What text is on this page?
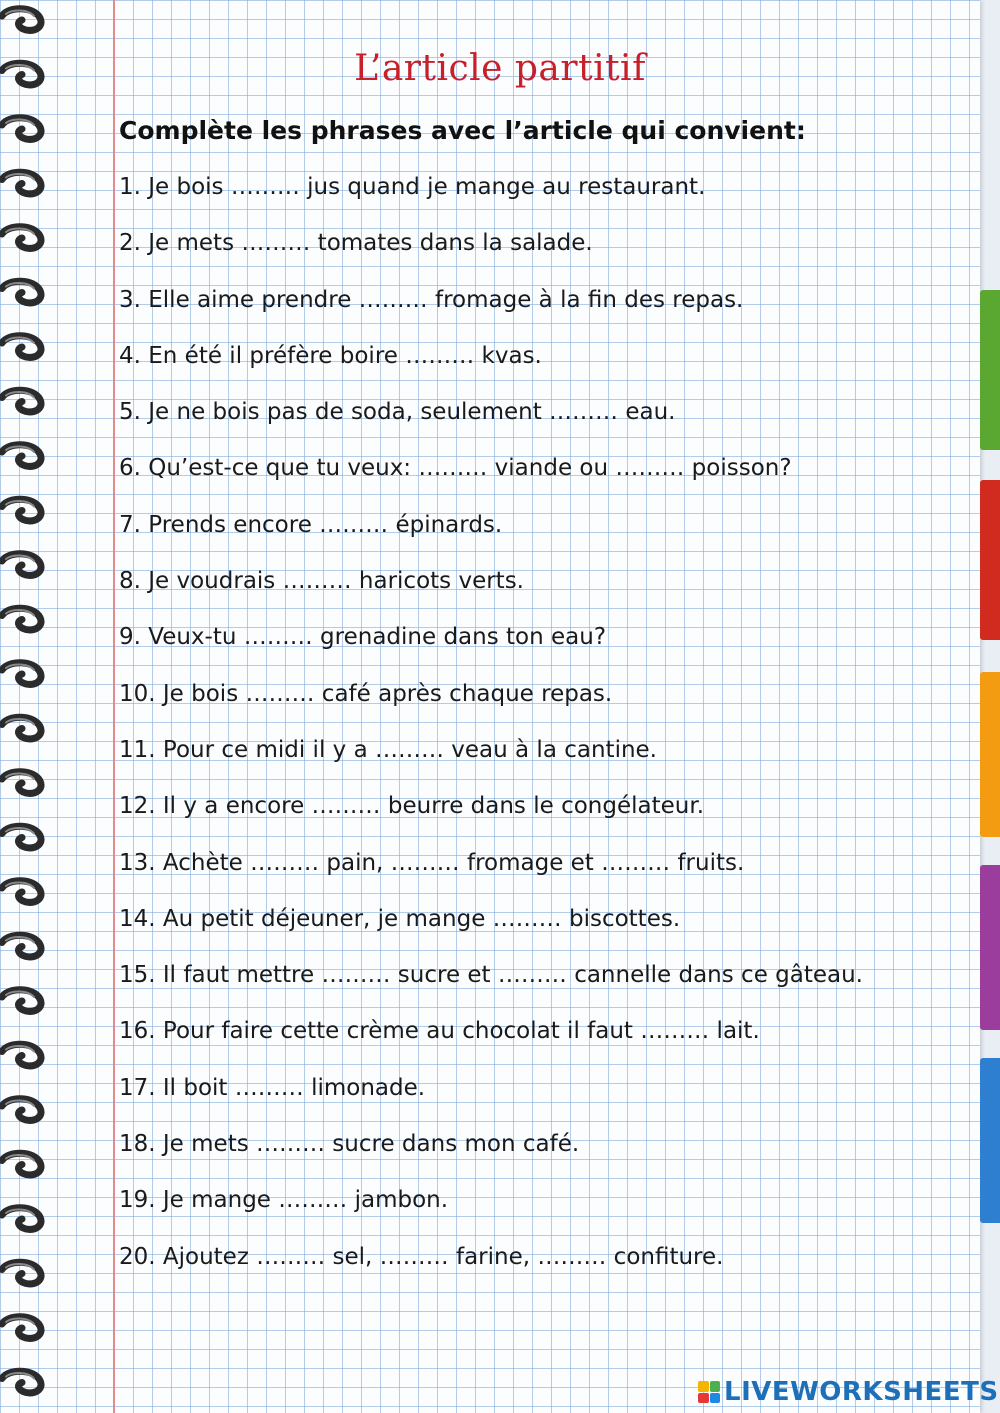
L’article partitif
Complète les phrases avec l’article qui convient:
1. Je bois ……… jus quand je mange au restaurant.
2. Je mets ……… tomates dans la salade.
3. Elle aime prendre ……… fromage à la fin des repas.
4. En été il préfère boire ……… kvas.
5. Je ne bois pas de soda, seulement ……… eau.
6. Qu’est-ce que tu veux: ……… viande ou ……… poisson?
7. Prends encore ……… épinards.
8. Je voudrais ……… haricots verts.
9. Veux-tu ……… grenadine dans ton eau?
10. Je bois ……… café après chaque repas.
11. Pour ce midi il y a ……… veau à la cantine.
12. Il y a encore ……… beurre dans le congélateur.
13. Achète ……… pain, ……… fromage et ……… fruits.
14. Au petit déjeuner, je mange ……… biscottes.
15. Il faut mettre ……… sucre et ……… cannelle dans ce gâteau.
16. Pour faire cette crème au chocolat il faut ……… lait.
17. Il boit ……… limonade.
18. Je mets ……… sucre dans mon café.
19. Je mange ……… jambon.
20. Ajoutez ……… sel, ……… farine, ……… confiture.
LIVEWORKSHEETS
